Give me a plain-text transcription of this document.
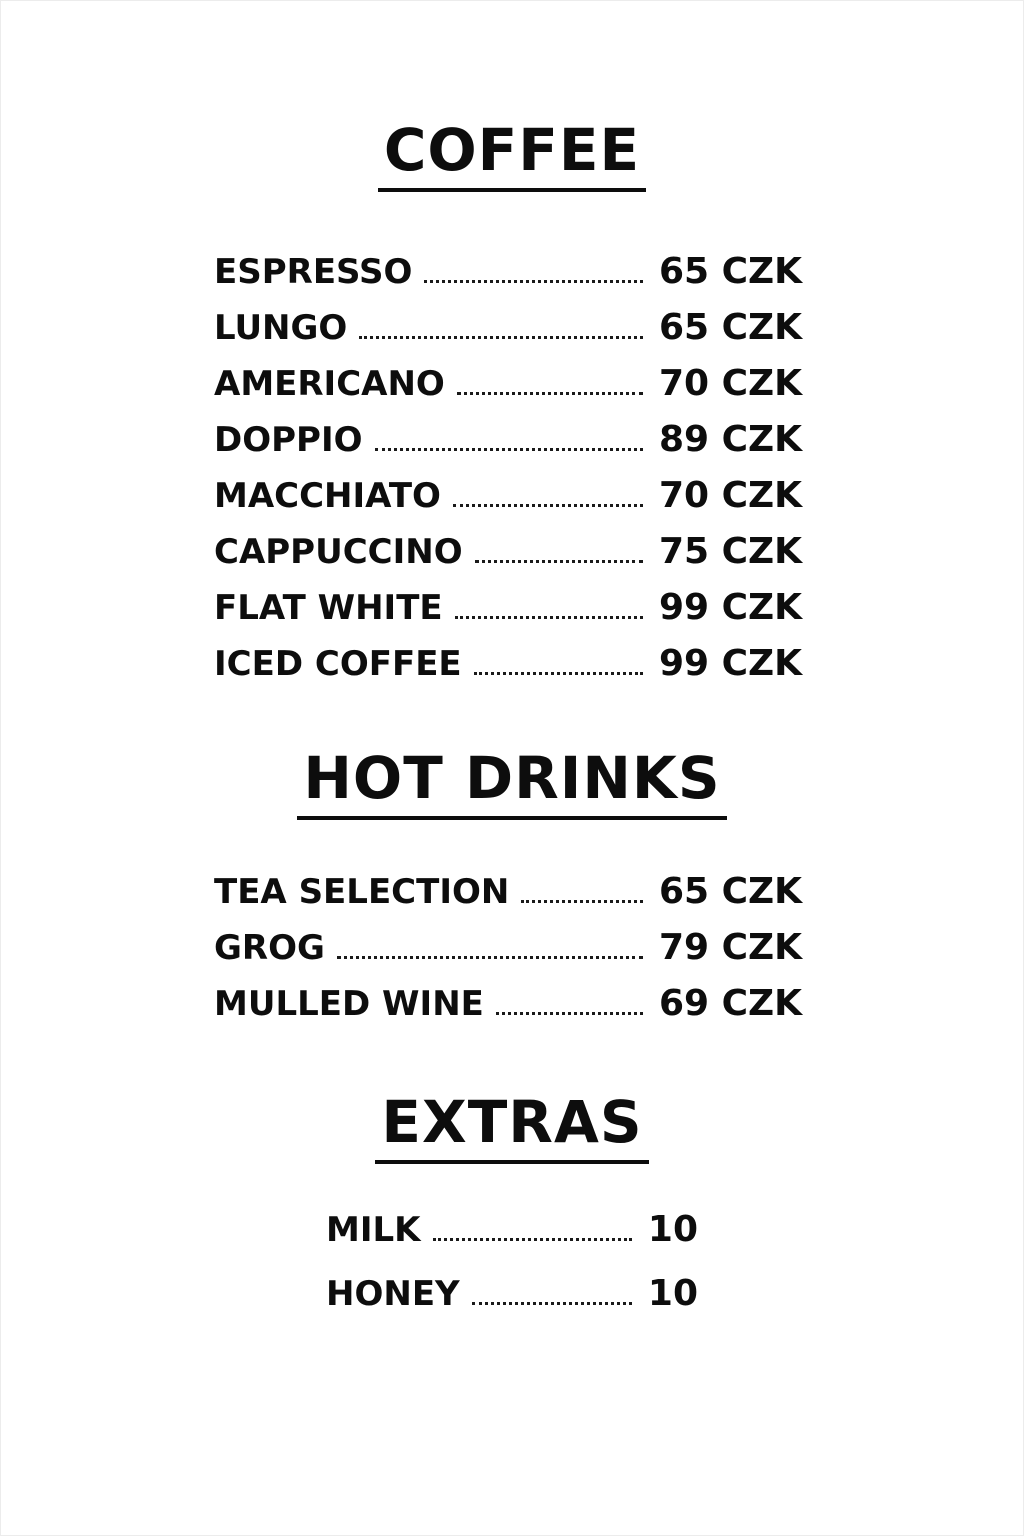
COFFEE
ESPRESSO	65 CZK
LUNGO	65 CZK
AMERICANO	70 CZK
DOPPIO	89 CZK
MACCHIATO	70 CZK
CAPPUCCINO	75 CZK
FLAT WHITE	99 CZK
ICED COFFEE	99 CZK
HOT DRINKS
TEA SELECTION	65 CZK
GROG	79 CZK
MULLED WINE	69 CZK
EXTRAS
MILK	10
HONEY	10
